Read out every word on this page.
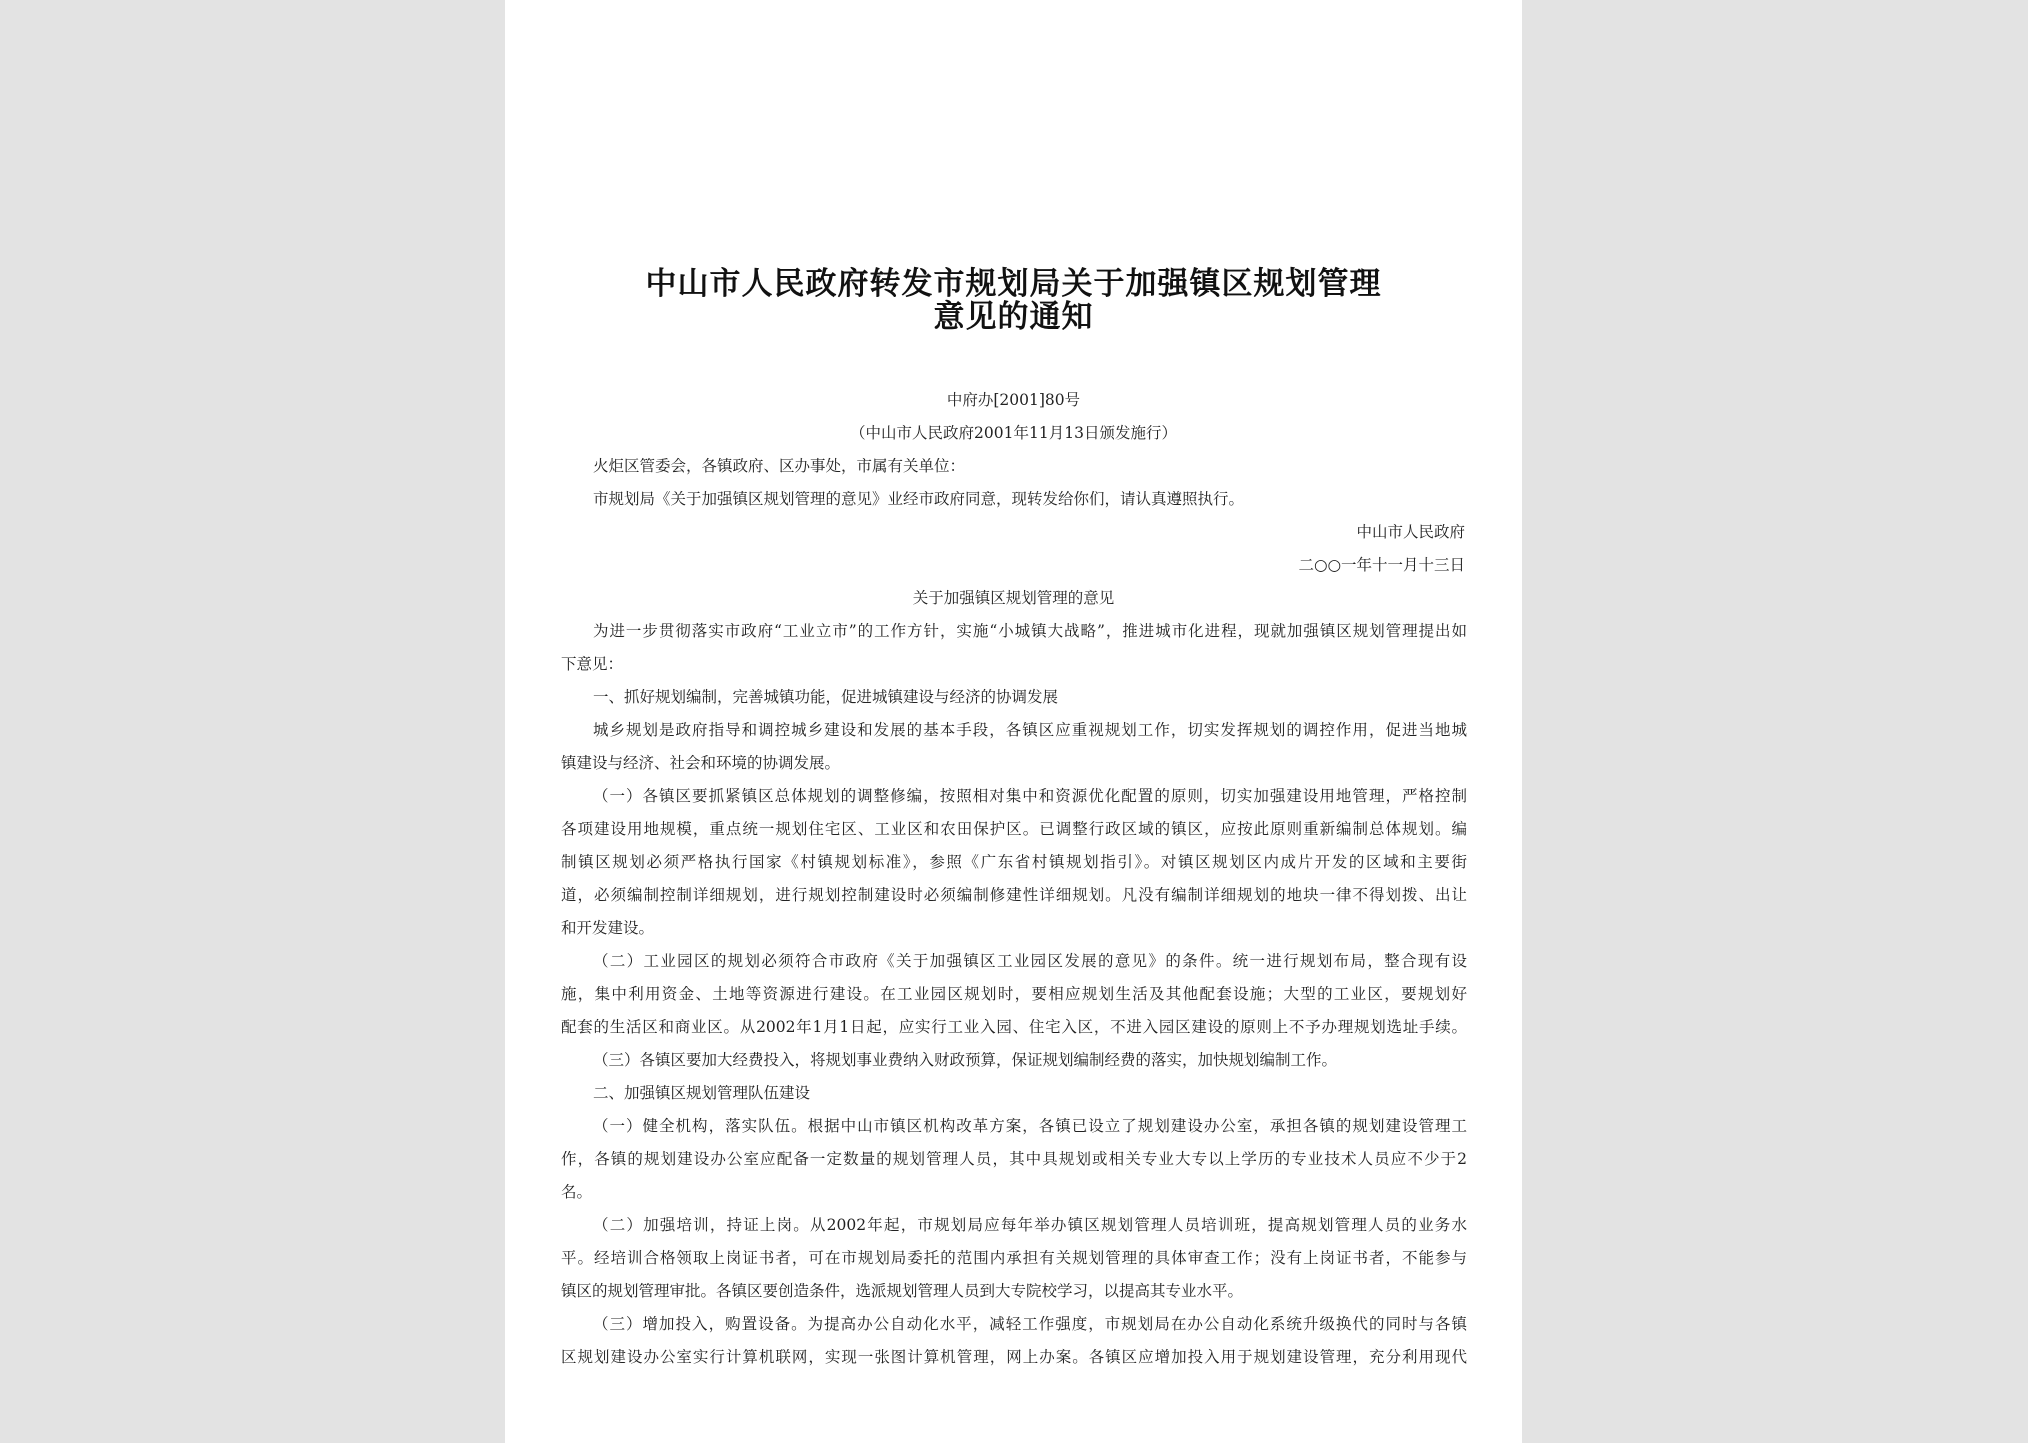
中山市人民政府转发市规划局关于加强镇区规划管理
意见的通知
中府办[2001]80号
（中山市人民政府2001年11月13日颁发施行）
火炬区管委会，各镇政府、区办事处，市属有关单位：
市规划局《关于加强镇区规划管理的意见》业经市政府同意，现转发给你们，请认真遵照执行。
中山市人民政府
二○○一年十一月十三日
关于加强镇区规划管理的意见
为进一步贯彻落实市政府“工业立市”的工作方针，实施“小城镇大战略”，推进城市化进程，现就加强镇区规划管理提出如
下意见：
一、抓好规划编制，完善城镇功能，促进城镇建设与经济的协调发展
城乡规划是政府指导和调控城乡建设和发展的基本手段，各镇区应重视规划工作，切实发挥规划的调控作用，促进当地城
镇建设与经济、社会和环境的协调发展。
（一）各镇区要抓紧镇区总体规划的调整修编，按照相对集中和资源优化配置的原则，切实加强建设用地管理，严格控制
各项建设用地规模，重点统一规划住宅区、工业区和农田保护区。已调整行政区域的镇区，应按此原则重新编制总体规划。编
制镇区规划必须严格执行国家《村镇规划标准》，参照《广东省村镇规划指引》。对镇区规划区内成片开发的区域和主要街
道，必须编制控制详细规划，进行规划控制建设时必须编制修建性详细规划。凡没有编制详细规划的地块一律不得划拨、出让
和开发建设。
（二）工业园区的规划必须符合市政府《关于加强镇区工业园区发展的意见》的条件。统一进行规划布局，整合现有设
施，集中利用资金、土地等资源进行建设。在工业园区规划时，要相应规划生活及其他配套设施；大型的工业区，要规划好
配套的生活区和商业区。从2002年1月1日起，应实行工业入园、住宅入区，不进入园区建设的原则上不予办理规划选址手续。
（三）各镇区要加大经费投入，将规划事业费纳入财政预算，保证规划编制经费的落实，加快规划编制工作。
二、加强镇区规划管理队伍建设
（一）健全机构，落实队伍。根据中山市镇区机构改革方案，各镇已设立了规划建设办公室，承担各镇的规划建设管理工
作，各镇的规划建设办公室应配备一定数量的规划管理人员，其中具规划或相关专业大专以上学历的专业技术人员应不少于2
名。
（二）加强培训，持证上岗。从2002年起，市规划局应每年举办镇区规划管理人员培训班，提高规划管理人员的业务水
平。经培训合格领取上岗证书者，可在市规划局委托的范围内承担有关规划管理的具体审查工作；没有上岗证书者，不能参与
镇区的规划管理审批。各镇区要创造条件，选派规划管理人员到大专院校学习，以提高其专业水平。
（三）增加投入，购置设备。为提高办公自动化水平，减轻工作强度，市规划局在办公自动化系统升级换代的同时与各镇
区规划建设办公室实行计算机联网，实现一张图计算机管理，网上办案。各镇区应增加投入用于规划建设管理，充分利用现代
